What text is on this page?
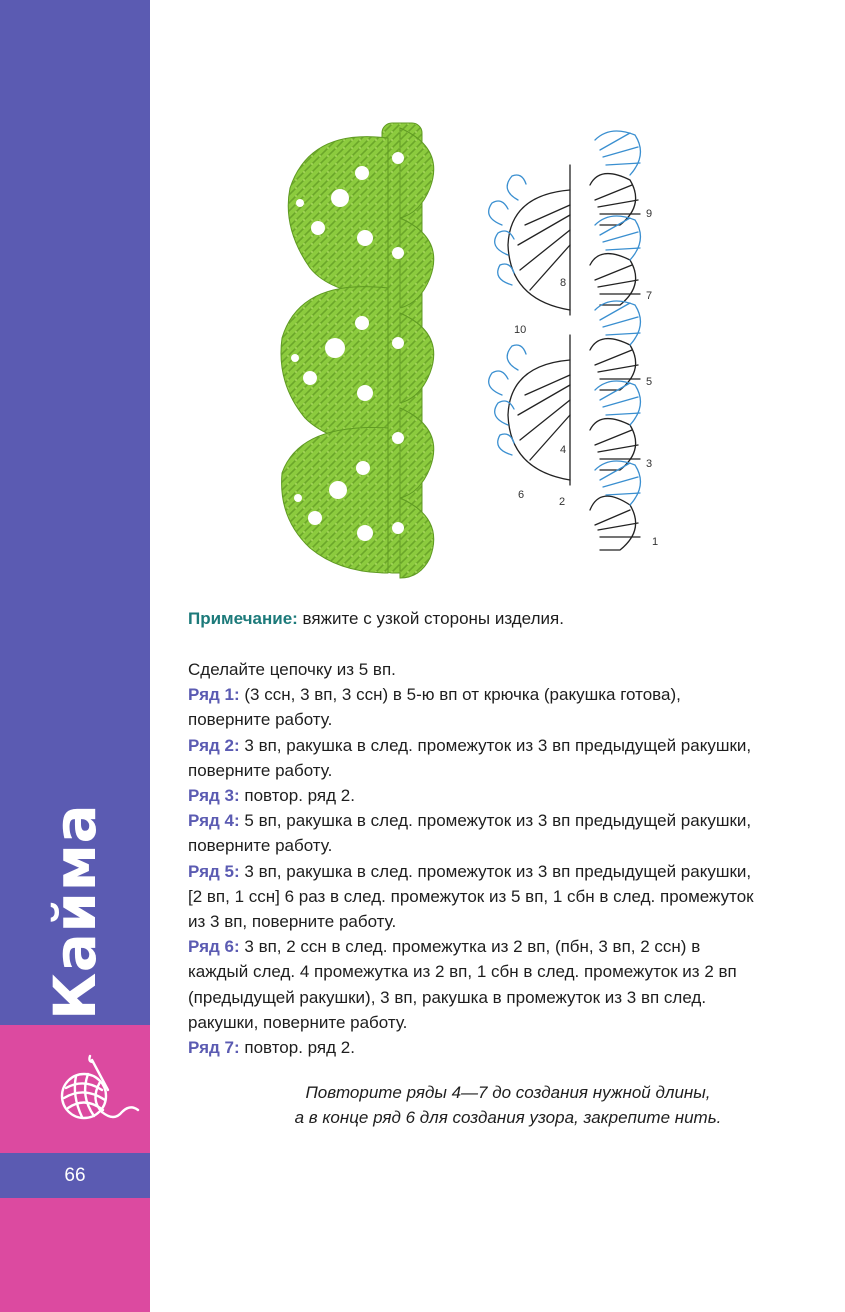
Кайма
66
1
2
3
4
5
6
7
8
9
10
Примечание: вяжите с узкой стороны изделия.

Сделайте цепочку из 5 вп.

Ряд 1: (3 ссн, 3 вп, 3 ссн) в 5-ю вп от крючка (ракушка готова), поверните работу.

Ряд 2: 3 вп, ракушка в след. промежуток из 3 вп предыдущей ракушки, поверните работу.

Ряд 3: повтор. ряд 2.

Ряд 4: 5 вп, ракушка в след. промежуток из 3 вп предыдущей ракушки, поверните работу.

Ряд 5: 3 вп, ракушка в след. промежуток из 3 вп предыдущей ракушки, [2 вп, 1 ссн] 6 раз в след. промежуток из 5 вп, 1 сбн в след. промежуток из 3 вп, поверните работу.

Ряд 6: 3 вп, 2 ссн в след. промежутка из 2 вп, (пбн, 3 вп, 2 ссн) в каждый след. 4 промежутка из 2 вп, 1 сбн в след. промежуток из 2 вп (предыдущей ракушки), 3 вп, ракушка в промежуток из 3 вп след. ракушки, поверните работу.

Ряд 7: повтор. ряд 2.

Повторите ряды 4—7 до создания нужной длины,
а в конце ряд 6 для создания узора, закрепите нить.
